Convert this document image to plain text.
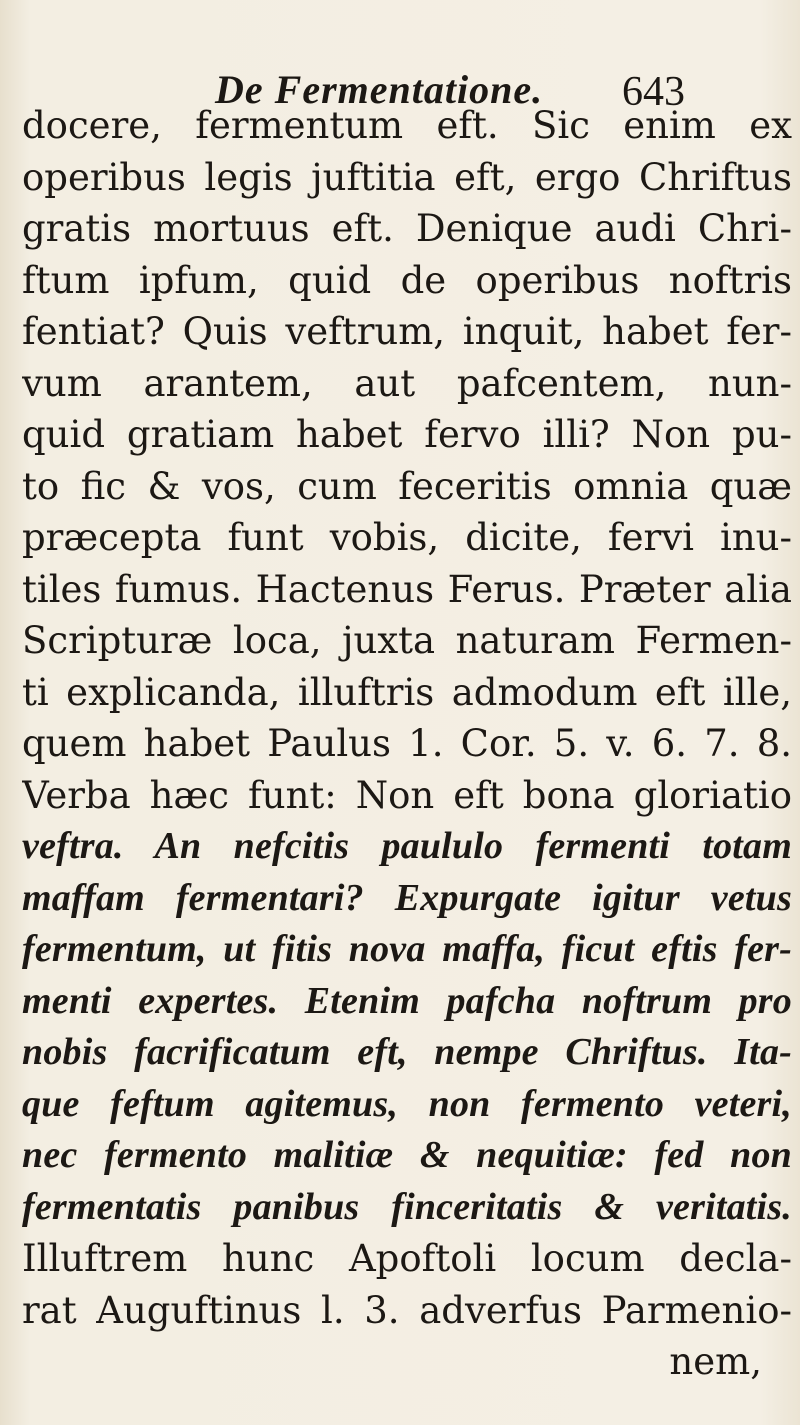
De Fermentatione. 643
docere, fermentum eft. Sic enim ex
operibus legis juftitia eft, ergo Chriftus
gratis mortuus eft. Denique audi Chri-
ftum ipfum, quid de operibus noftris
fentiat? Quis veftrum, inquit, habet fer-
vum arantem, aut pafcentem, nun-
quid gratiam habet fervo illi? Non pu-
to fic & vos, cum feceritis omnia quæ
præcepta funt vobis, dicite, fervi inu-
tiles fumus. Hactenus Ferus. Præter alia
Scripturæ loca, juxta naturam Fermen-
ti explicanda, illuftris admodum eft ille,
quem habet Paulus 1. Cor. 5. v. 6. 7. 8.
Verba hæc funt: Non eft bona gloriatio
veftra. An nefcitis paululo fermenti totam
maffam fermentari? Expurgate igitur vetus
fermentum, ut fitis nova maffa, ficut eftis fer-
menti expertes. Etenim pafcha noftrum pro
nobis facrificatum eft, nempe Chriftus. Ita-
que feftum agitemus, non fermento veteri,
nec fermento malitiæ & nequitiæ: fed non
fermentatis panibus finceritatis & veritatis.
Illuftrem hunc Apoftoli locum decla-
rat Auguftinus l. 3. adverfus Parmenio-
nem,
